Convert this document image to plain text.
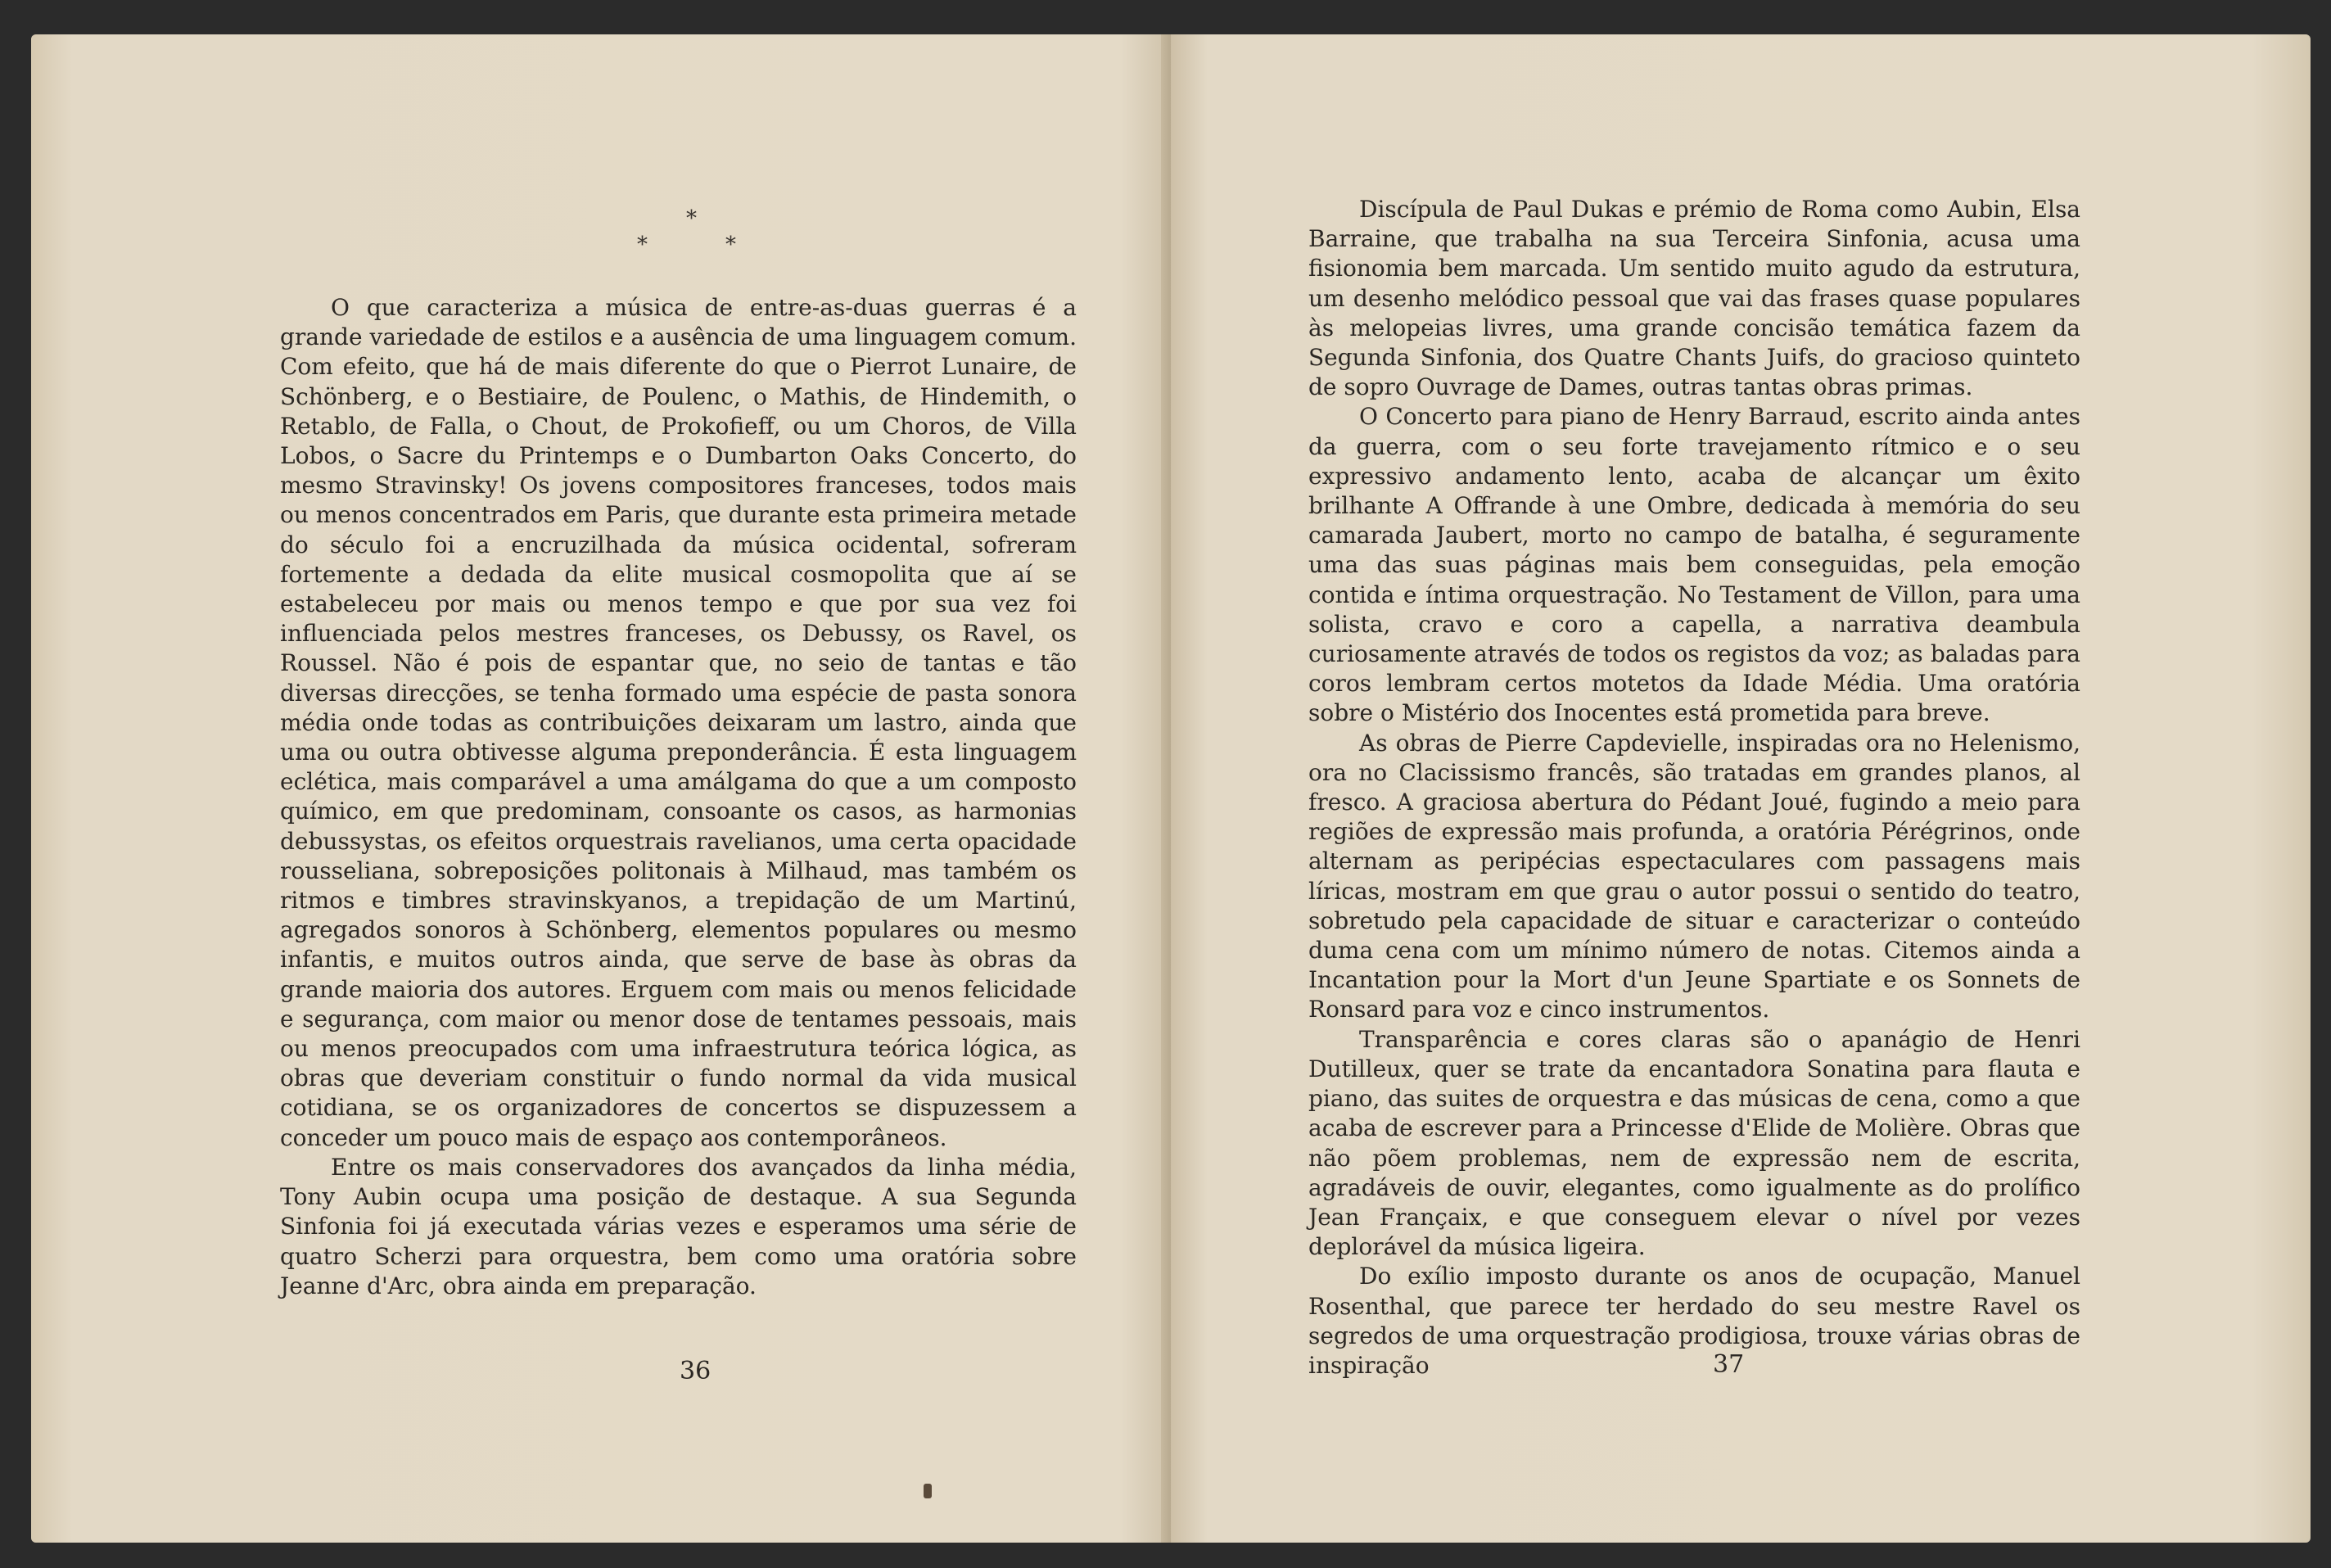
*
*	*

O que caracteriza a música de entre-as-duas guerras é a grande variedade de estilos e a ausência de uma linguagem comum. Com efeito, que há de mais diferente do que o Pierrot Lunaire, de Schönberg, e o Bestiaire, de Poulenc, o Mathis, de Hindemith, o Retablo, de Falla, o Chout, de Prokofieff, ou um Choros, de Villa Lobos, o Sacre du Printemps e o Dumbarton Oaks Concerto, do mesmo Stravinsky! Os jovens compositores franceses, todos mais ou menos concentrados em Paris, que durante esta primeira metade do século foi a encruzilhada da música ocidental, sofreram fortemente a dedada da elite musical cosmopolita que aí se estabeleceu por mais ou menos tempo e que por sua vez foi influenciada pelos mestres franceses, os Debussy, os Ravel, os Roussel. Não é pois de espantar que, no seio de tantas e tão diversas direcções, se tenha formado uma espécie de pasta sonora média onde todas as contribuições deixaram um lastro, ainda que uma ou outra obtivesse alguma preponderância. É esta linguagem eclética, mais comparável a uma amálgama do que a um composto químico, em que predominam, consoante os casos, as harmonias debussystas, os efeitos orquestrais ravelianos, uma certa opacidade rousseliana, sobreposições politonais à Milhaud, mas também os ritmos e timbres stravinskyanos, a trepidação de um Martinú, agregados sonoros à Schönberg, elementos populares ou mesmo infantis, e muitos outros ainda, que serve de base às obras da grande maioria dos autores. Erguem com mais ou menos felicidade e segurança, com maior ou menor dose de tentames pessoais, mais ou menos preocupados com uma infraestrutura teórica lógica, as obras que deveriam constituir o fundo normal da vida musical cotidiana, se os organizadores de concertos se dispuzessem a conceder um pouco mais de espaço aos contemporâneos.

Entre os mais conservadores dos avançados da linha média, Tony Aubin ocupa uma posição de destaque. A sua Segunda Sinfonia foi já executada várias vezes e esperamos uma série de quatro Scherzi para orquestra, bem como uma oratória sobre Jeanne d'Arc, obra ainda em preparação.

36

Discípula de Paul Dukas e prémio de Roma como Aubin, Elsa Barraine, que trabalha na sua Terceira Sinfonia, acusa uma fisionomia bem marcada. Um sentido muito agudo da estrutura, um desenho melódico pessoal que vai das frases quase populares às melopeias livres, uma grande concisão temática fazem da Segunda Sinfonia, dos Quatre Chants Juifs, do gracioso quinteto de sopro Ouvrage de Dames, outras tantas obras primas.

O Concerto para piano de Henry Barraud, escrito ainda antes da guerra, com o seu forte travejamento rítmico e o seu expressivo andamento lento, acaba de alcançar um êxito brilhante A Offrande à une Ombre, dedicada à memória do seu camarada Jaubert, morto no campo de batalha, é seguramente uma das suas páginas mais bem conseguidas, pela emoção contida e íntima orquestração. No Testament de Villon, para uma solista, cravo e coro a capella, a narrativa deambula curiosamente através de todos os registos da voz; as baladas para coros lembram certos motetos da Idade Média. Uma oratória sobre o Mistério dos Inocentes está prometida para breve.

As obras de Pierre Capdevielle, inspiradas ora no Helenismo, ora no Clacissismo francês, são tratadas em grandes planos, al fresco. A graciosa abertura do Pédant Joué, fugindo a meio para regiões de expressão mais profunda, a oratória Pérégrinos, onde alternam as peripécias espectaculares com passagens mais líricas, mostram em que grau o autor possui o sentido do teatro, sobretudo pela capacidade de situar e caracterizar o conteúdo duma cena com um mínimo número de notas. Citemos ainda a Incantation pour la Mort d'un Jeune Spartiate e os Sonnets de Ronsard para voz e cinco instrumentos.

Transparência e cores claras são o apanágio de Henri Dutilleux, quer se trate da encantadora Sonatina para flauta e piano, das suites de orquestra e das músicas de cena, como a que acaba de escrever para a Princesse d'Elide de Molière. Obras que não põem problemas, nem de expressão nem de escrita, agradáveis de ouvir, elegantes, como igualmente as do prolífico Jean Françaix, e que conseguem elevar o nível por vezes deplorável da música ligeira.

Do exílio imposto durante os anos de ocupação, Manuel Rosenthal, que parece ter herdado do seu mestre Ravel os segredos de uma orquestração prodigiosa, trouxe várias obras de inspiração	37
